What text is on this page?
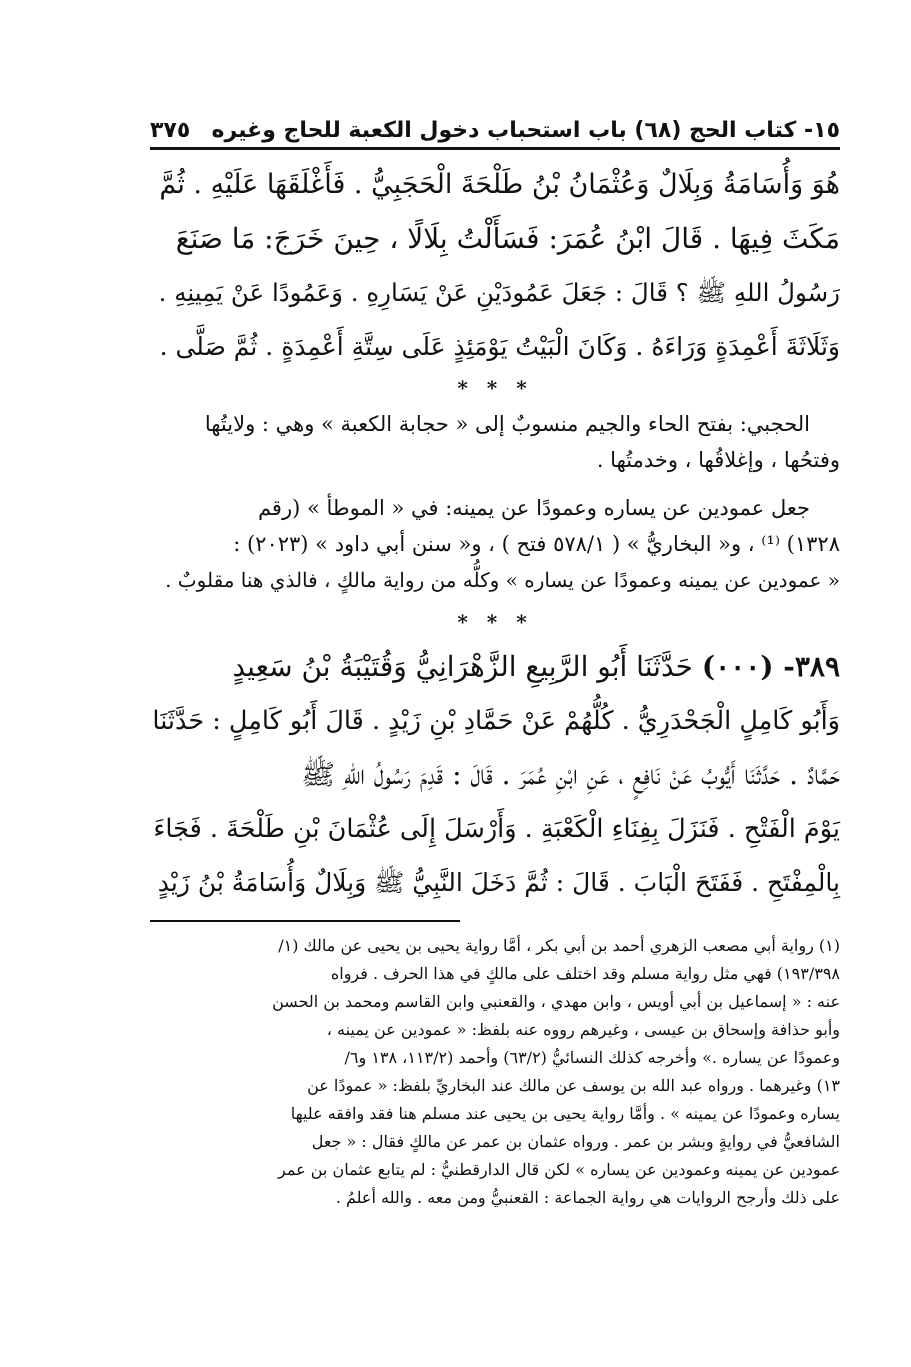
١٥- كتاب الحج (٦٨) باب استحباب دخول الكعبة للحاج وغيره
٣٧٥
هُوَ وَأُسَامَةُ وَبِلَالٌ وَعُثْمَانُ بْنُ طَلْحَةَ الْحَجَبِيُّ . فَأَغْلَقَهَا عَلَيْهِ . ثُمَّ
مَكَثَ فِيهَا . قَالَ ابْنُ عُمَرَ: فَسَأَلْتُ بِلَالًا ، حِينَ خَرَجَ: مَا صَنَعَ
رَسُولُ اللهِ ﷺ ؟ قَالَ : جَعَلَ عَمُودَيْنِ عَنْ يَسَارِهِ . وَعَمُودًا عَنْ يَمِينِهِ .
وَثَلَاثَةَ أَعْمِدَةٍ وَرَاءَهُ . وَكَانَ الْبَيْتُ يَوْمَئِذٍ عَلَى سِتَّةِ أَعْمِدَةٍ . ثُمَّ صَلَّى .
* * *
الحجبي: بفتح الحاء والجيم منسوبٌ إلى « حجابة الكعبة » وهي : ولايتُها
وفتحُها ، وإغلاقُها ، وخدمتُها .
جعل عمودين عن يساره وعمودًا عن يمينه: في « الموطأ » (رقم
١٣٢٨) ⁽¹⁾ ، و« البخاريُّ » ( ٥٧٨/١ فتح ) ، و« سنن أبي داود » (٢٠٢٣) :
« عمودين عن يمينه وعمودًا عن يساره » وكلُّه من رواية مالكٍ ، فالذي هنا مقلوبٌ .
* * *
٣٨٩- (٠٠٠) حَدَّثَنَا أَبُو الرَّبِيعِ الزَّهْرَانِيُّ وَقُتَيْبَةُ بْنُ سَعِيدٍ
وَأَبُو كَامِلٍ الْجَحْدَرِيُّ . كُلُّهُمْ عَنْ حَمَّادِ بْنِ زَيْدٍ . قَالَ أَبُو كَامِلٍ : حَدَّثَنَا
حَمَّادٌ . حَدَّثَنَا أَيُّوبُ عَنْ نَافِعٍ ، عَنِ ابْنِ عُمَرَ . قَالَ : قَدِمَ رَسُولُ اللهِ ﷺ
يَوْمَ الْفَتْحِ . فَنَزَلَ بِفِنَاءِ الْكَعْبَةِ . وَأَرْسَلَ إِلَى عُثْمَانَ بْنِ طَلْحَةَ . فَجَاءَ
بِالْمِفْتَحِ . فَفَتَحَ الْبَابَ . قَالَ : ثُمَّ دَخَلَ النَّبِيُّ ﷺ وَبِلَالٌ وَأُسَامَةُ بْنُ زَيْدٍ
(١) رواية أبي مصعب الزهري أحمد بن أبي بكر ، أمَّا رواية يحيى بن يحيى عن مالك (١/
١٩٣/٣٩٨) فهي مثل رواية مسلم وقد اختلف على مالكٍ في هذا الحرف . فرواه
عنه : « إسماعيل بن أبي أويس ، وابن مهدي ، والقعنبي وابن القاسم ومحمد بن الحسن
وأبو حذافة وإسحاق بن عيسى ، وغيرهم رووه عنه بلفظ: « عمودين عن يمينه ،
وعمودًا عن يساره .» وأخرجه كذلك النسائيُّ (٦٣/٢) وأحمد (١١٣/٢، ١٣٨ و٦/
١٣) وغيرهما . ورواه عبد الله بن يوسف عن مالك عند البخاريِّ بلفظ: « عمودًا عن
يساره وعمودًا عن يمينه » . وأمَّا رواية يحيى بن يحيى عند مسلم هنا فقد وافقه عليها
الشافعيُّ في روايةٍ وبشر بن عمر . ورواه عثمان بن عمر عن مالكٍ فقال : « جعل
عمودين عن يمينه وعمودين عن يساره » لكن قال الدارقطنيُّ : لم يتابع عثمان بن عمر
على ذلك وأرجح الروايات هي رواية الجماعة : القعنبيُّ ومن معه . والله أعلمُ .
